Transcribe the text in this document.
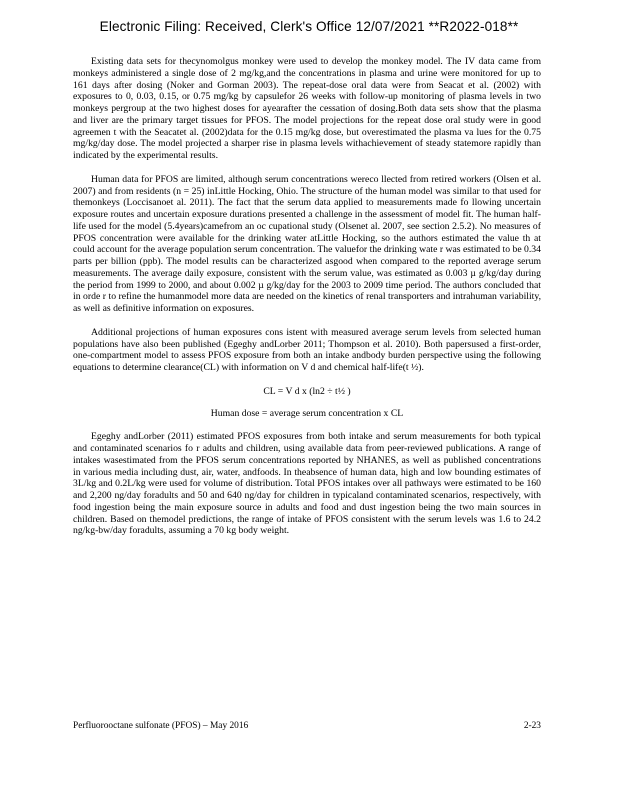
Electronic Filing: Received, Clerk's Office 12/07/2021 **R2022-018**

Existing data sets for thecynomolgus monkey were used to develop the monkey model. The IV data came from monkeys administered a single dose of 2 mg/kg,and the concentrations in plasma and urine were monitored for up to 161 days after dosing (Noker and Gorman 2003). The repeat-dose oral data were from Seacat et al. (2002) with exposures to 0, 0.03, 0.15, or 0.75 mg/kg by capsulefor 26 weeks with follow-up monitoring of plasma levels in two monkeys pergroup at the two highest doses for ayearafter the cessation of dosing.Both data sets show that the plasma and liver are the primary target tissues for PFOS. The model projections for the repeat dose oral study were in good agreemen t with the Seacatet al. (2002)data for the 0.15 mg/kg dose, but overestimated the plasma va lues for the 0.75 mg/kg/day dose. The model projected a sharper rise in plasma levels withachievement of steady statemore rapidly than indicated by the experimental results.

Human data for PFOS are limited, although serum concentrations wereco llected from retired workers (Olsen et al. 2007) and from residents (n = 25) inLittle Hocking, Ohio. The structure of the human model was similar to that used for themonkeys (Loccisanoet al. 2011). The fact that the serum data applied to measurements made fo llowing uncertain exposure routes and uncertain exposure durations presented a challenge in the assessment of model fit. The human half-life used for the model (5.4years)camefrom an oc cupational study (Olsenet al. 2007, see section 2.5.2). No measures of PFOS concentration were available for the drinking water atLittle Hocking, so the authors estimated the value th at could account for the average population serum concentration. The valuefor the drinking wate r was estimated to be 0.34 parts per billion (ppb). The model results can be characterized asgood when compared to the reported average serum measurements. The average daily exposure, consistent with the serum value, was estimated as 0.003 µ g/kg/day during the period from 1999 to 2000, and about 0.002 µ g/kg/day for the 2003 to 2009 time period. The authors concluded that in orde r to refine the humanmodel more data are needed on the kinetics of renal transporters and intrahuman variability, as well as definitive information on exposures.

Additional projections of human exposures cons istent with measured average serum levels from selected human populations have also been published (Egeghy andLorber 2011; Thompson et al. 2010). Both papersused a first-order, one-compartment model to assess PFOS exposure from both an intake andbody burden perspective using the following equations to determine clearance(CL) with information on V d and chemical half-life(t ½).

CL = V d x (ln2 ÷ t½ )
Human dose = average serum concentration x CL

Egeghy andLorber (2011) estimated PFOS exposures from both intake and serum measurements for both typical and contaminated scenarios fo r adults and children, using available data from peer-reviewed publications. A range of intakes wasestimated from the PFOS serum concentrations reported by NHANES, as well as published concentrations in various media including dust, air, water, andfoods. In theabsence of human data, high and low bounding estimates of 3L/kg and 0.2L/kg were used for volume of distribution. Total PFOS intakes over all pathways were estimated to be 160 and 2,200 ng/day foradults and 50 and 640 ng/day for children in typicaland contaminated scenarios, respectively, with food ingestion being the main exposure source in adults and food and dust ingestion being the two main sources in children. Based on themodel predictions, the range of intake of PFOS consistent with the serum levels was 1.6 to 24.2 ng/kg-bw/day foradults, assuming a 70 kg body weight.

Perfluorooctane sulfonate (PFOS) – May 2016	2-23
